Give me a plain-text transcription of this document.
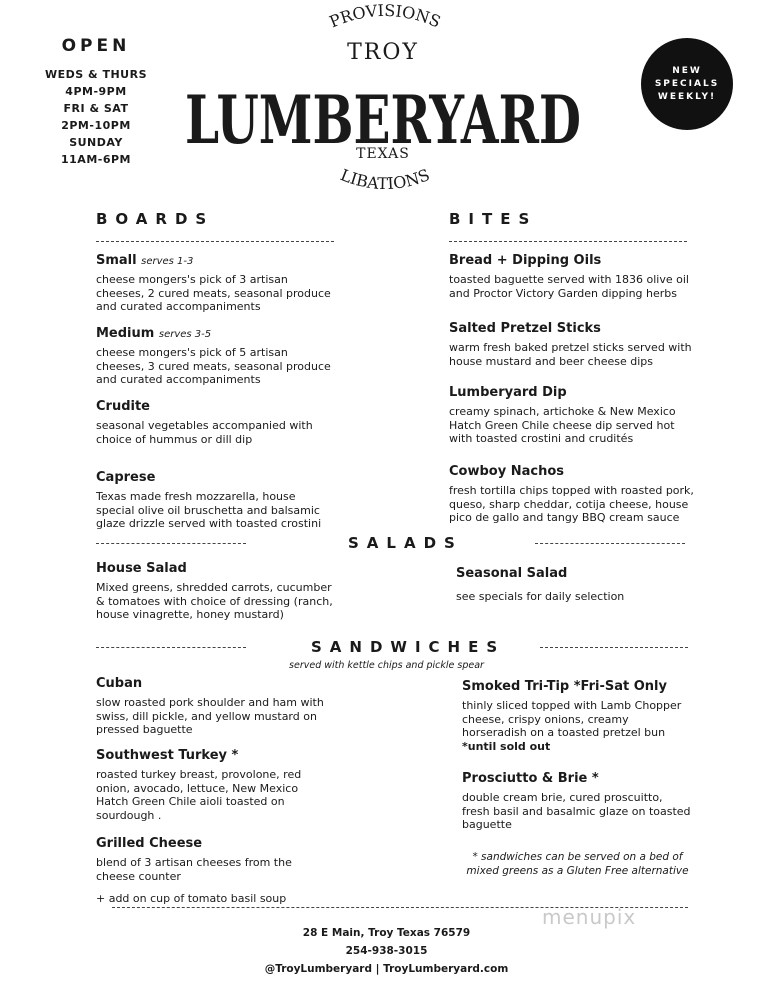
OPEN
WEDS & THURS
4PM-9PM
FRI & SAT
2PM-10PM
SUNDAY
11AM-6PM
PROVISIONS
TROY
LUMBERYARD
TEXAS
LIBATIONS
NEW
SPECIALS
WEEKLY!
BOARDS
Small serves 1-3
cheese mongers's pick of 3 artisan cheeses, 2 cured meats, seasonal produce and curated accompaniments
Medium serves 3-5
cheese mongers's pick of 5 artisan cheeses, 3 cured meats, seasonal produce and curated accompaniments
Crudite
seasonal vegetables accompanied with choice of hummus or dill dip
Caprese
Texas made fresh mozzarella, house special olive oil bruschetta and balsamic glaze drizzle served with toasted crostini
BITES
Bread + Dipping Oils
toasted baguette served with 1836 olive oil and Proctor Victory Garden dipping herbs
Salted Pretzel Sticks
warm fresh baked pretzel sticks served with house mustard and beer cheese dips
Lumberyard Dip
creamy spinach, artichoke & New Mexico Hatch Green Chile cheese dip served hot with toasted crostini and crudités
Cowboy Nachos
fresh tortilla chips topped with roasted pork, queso, sharp cheddar, cotija cheese, house pico de gallo and tangy BBQ cream sauce
SALADS
House Salad
Mixed greens, shredded carrots, cucumber & tomatoes with choice of dressing (ranch, house vinagrette, honey mustard)
Seasonal Salad
see specials for daily selection
SANDWICHES
served with kettle chips and pickle spear
Cuban
slow roasted pork shoulder and ham with swiss, dill pickle, and yellow mustard on pressed baguette
Southwest Turkey *
roasted turkey breast, provolone, red onion, avocado, lettuce, New Mexico Hatch Green Chile aioli toasted on sourdough .
Grilled Cheese
blend of 3 artisan cheeses from the cheese counter
+ add on cup of tomato basil soup
Smoked Tri-Tip *Fri-Sat Only
thinly sliced topped with Lamb Chopper cheese, crispy onions, creamy horseradish on a toasted pretzel bun *until sold out
Prosciutto & Brie *
double cream brie, cured proscuitto, fresh basil and basalmic glaze on toasted baguette
* sandwiches can be served on a bed of mixed greens as a Gluten Free alternative
menupix
28 E Main, Troy Texas 76579
254-938-3015
@TroyLumberyard | TroyLumberyard.com
